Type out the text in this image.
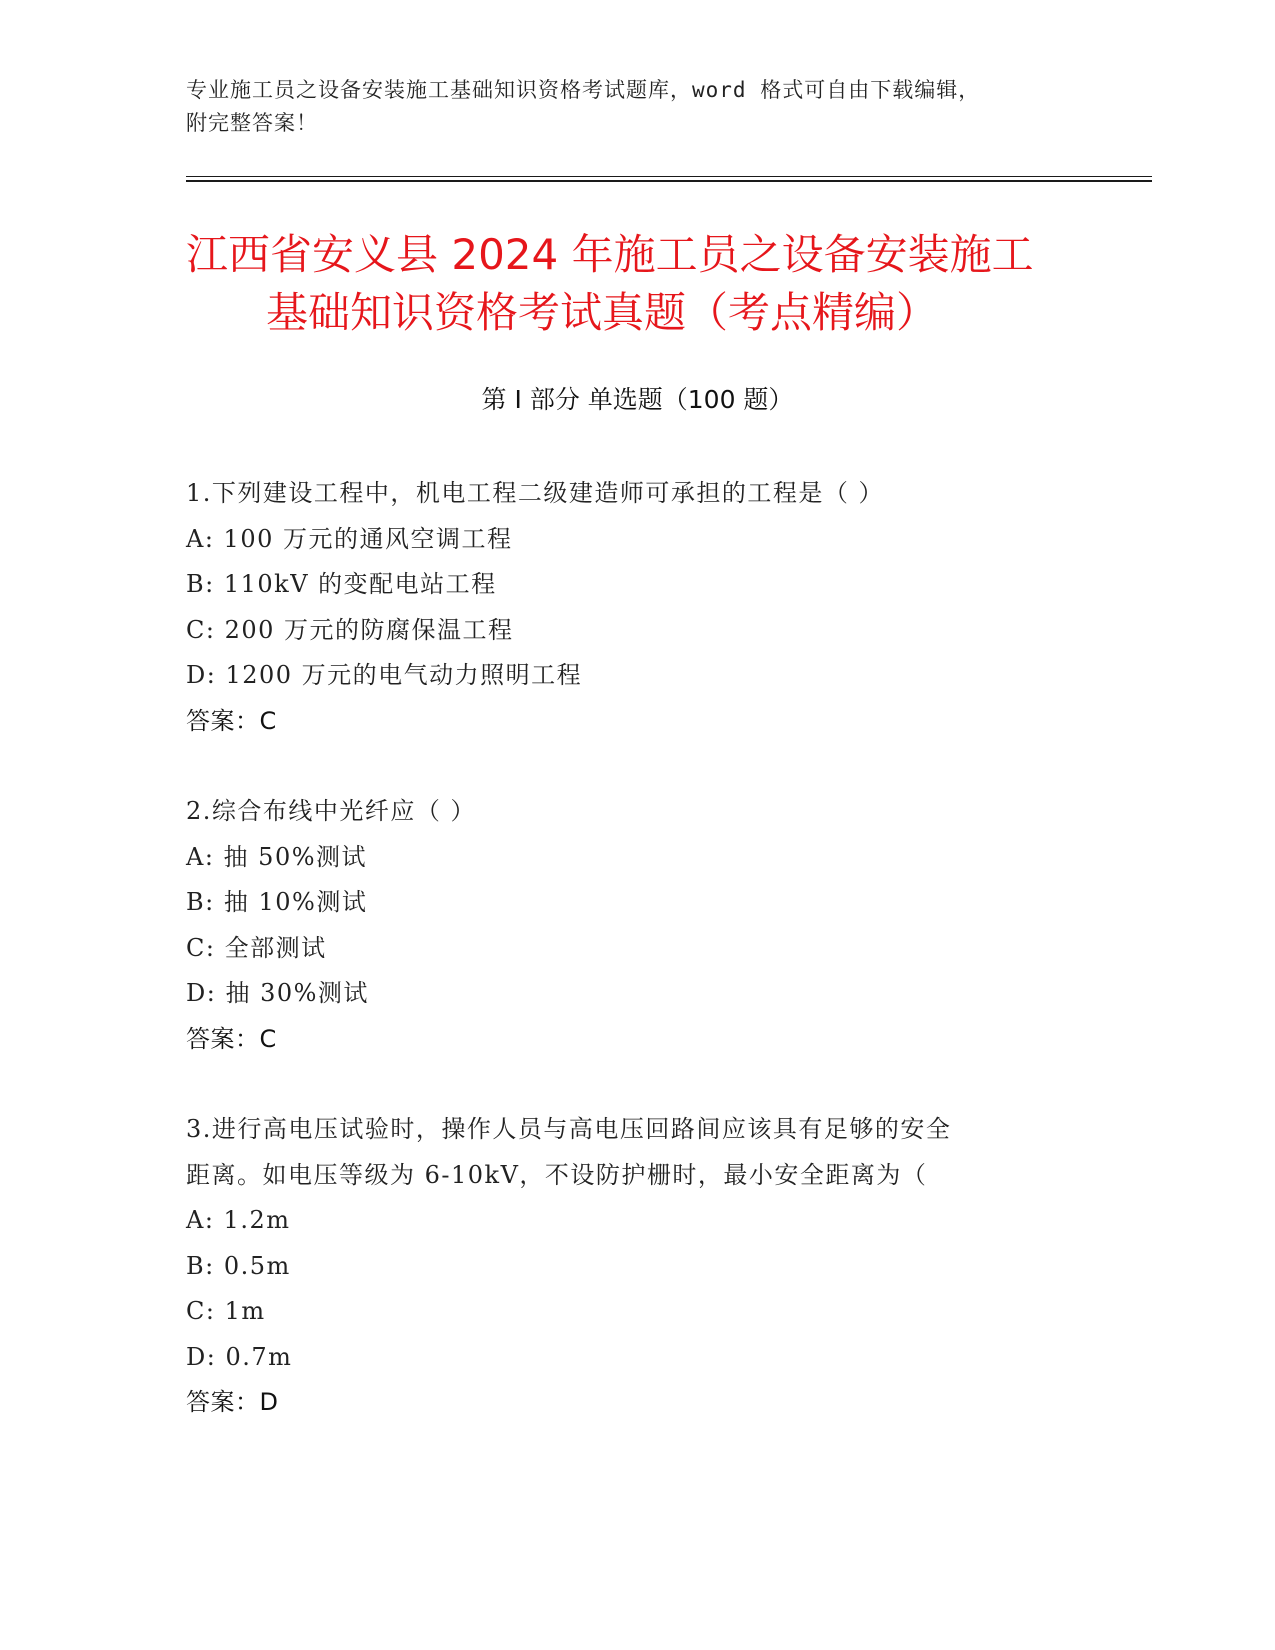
专业施工员之设备安装施工基础知识资格考试题库，word 格式可自由下载编辑，
附完整答案！
江西省安义县 2024 年施工员之设备安装施工
基础知识资格考试真题（考点精编）
第 I 部分 单选题（100 题）
1.下列建设工程中，机电工程二级建造师可承担的工程是（ ）
A: 100 万元的通风空调工程
B: 110kV 的变配电站工程
C: 200 万元的防腐保温工程
D: 1200 万元的电气动力照明工程
答案：C
2.综合布线中光纤应（ ）
A: 抽 50%测试
B: 抽 10%测试
C: 全部测试
D: 抽 30%测试
答案：C
3.进行高电压试验时，操作人员与高电压回路间应该具有足够的安全
距离。如电压等级为 6-10kV，不设防护栅时，最小安全距离为（
A: 1.2m
B: 0.5m
C: 1m
D: 0.7m
答案：D
